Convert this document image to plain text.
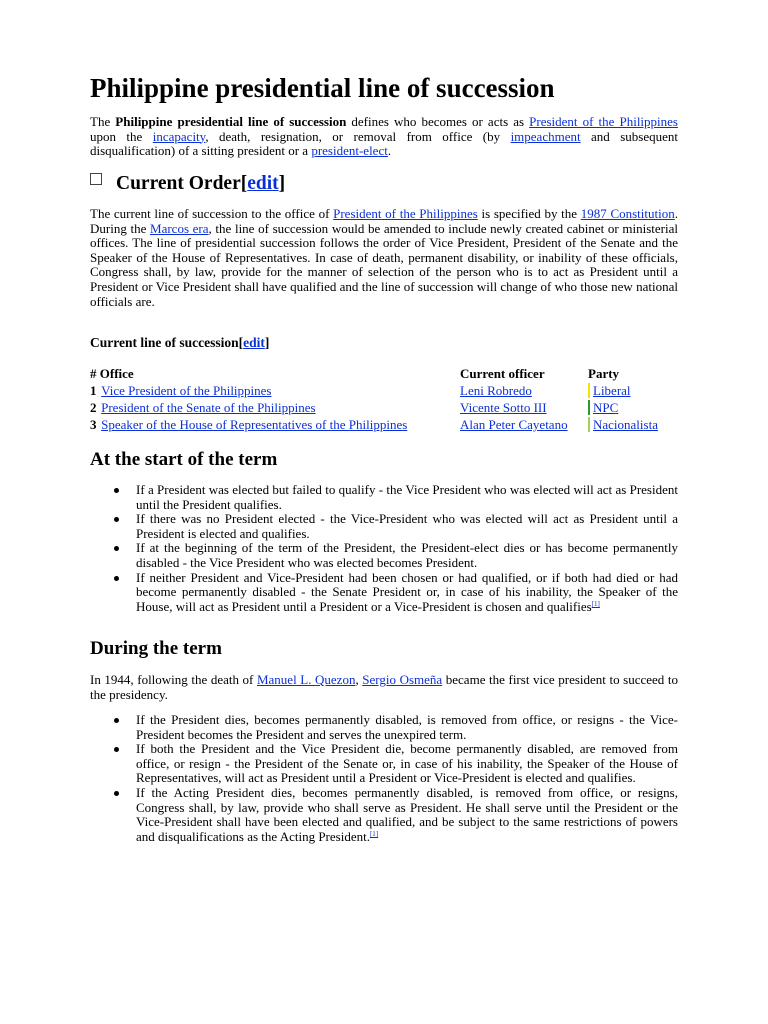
Philippine presidential line of succession

The Philippine presidential line of succession defines who becomes or acts as President of the Philippines upon the incapacity, death, resignation, or removal from office (by impeachment and subsequent disqualification) of a sitting president or a president-elect.

Current Order[edit]

The current line of succession to the office of President of the Philippines is specified by the 1987 Constitution. During the Marcos era, the line of succession would be amended to include newly created cabinet or ministerial offices. The line of presidential succession follows the order of Vice President, President of the Senate and the Speaker of the House of Representatives. In case of death, permanent disability, or inability of these officials, Congress shall, by law, provide for the manner of selection of the person who is to act as President until a President or Vice President shall have qualified and the line of succession will change of who those new national officials are.

Current line of succession[edit]
# Office		Current officer	Party
1	Vice President of the Philippines	Leni Robredo	Liberal
2	President of the Senate of the Philippines	Vicente Sotto III	NPC
3	Speaker of the House of Representatives of the Philippines	Alan Peter Cayetano	Nacionalista
At the start of the term
If a President was elected but failed to qualify - the Vice President who was elected will act as President until the President qualifies.
If there was no President elected - the Vice-President who was elected will act as President until a President is elected and qualifies.
If at the beginning of the term of the President, the President-elect dies or has become permanently disabled - the Vice President who was elected becomes President.
If neither President and Vice-President had been chosen or had qualified, or if both had died or had become permanently disabled - the Senate President or, in case of his inability, the Speaker of the House, will act as President until a President or a Vice-President is chosen and qualifies[1]
During the term

In 1944, following the death of Manuel L. Quezon, Sergio Osmeña became the first vice president to succeed to the presidency.

If the President dies, becomes permanently disabled, is removed from office, or resigns - the Vice-President becomes the President and serves the unexpired term.
If both the President and the Vice President die, become permanently disabled, are removed from office, or resign - the President of the Senate or, in case of his inability, the Speaker of the House of Representatives, will act as President until a President or Vice-President is elected and qualifies.
If the Acting President dies, becomes permanently disabled, is removed from office, or resigns, Congress shall, by law, provide who shall serve as President. He shall serve until the President or the Vice-President shall have been elected and qualified, and be subject to the same restrictions of powers and disqualifications as the Acting President.[1]
